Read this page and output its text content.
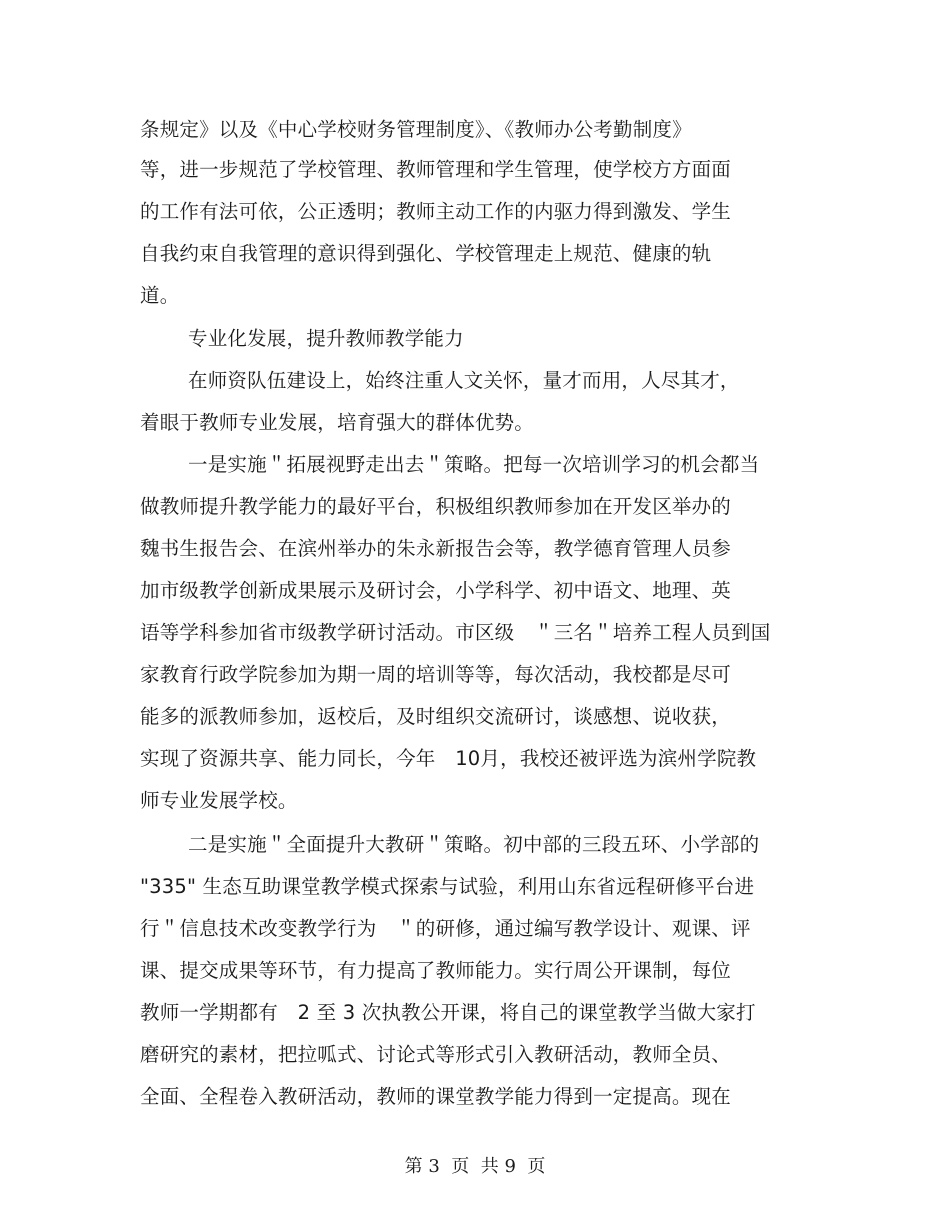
条规定》以及《中心学校财务管理制度》、《教师办公考勤制度》
等，进一步规范了学校管理、教师管理和学生管理，使学校方方面面
的工作有法可依，公正透明；教师主动工作的内驱力得到激发、学生
自我约束自我管理的意识得到强化、学校管理走上规范、健康的轨
道。
专业化发展，提升教师教学能力
在师资队伍建设上，始终注重人文关怀，量才而用，人尽其才，
着眼于教师专业发展，培育强大的群体优势。
一是实施＂拓展视野走出去＂策略。把每一次培训学习的机会都当
做教师提升教学能力的最好平台，积极组织教师参加在开发区举办的
魏书生报告会、在滨州举办的朱永新报告会等，教学德育管理人员参
加市级教学创新成果展示及研讨会，小学科学、初中语文、地理、英
语等学科参加省市级教学研讨活动。市区级　＂三名＂培养工程人员到国
家教育行政学院参加为期一周的培训等等，每次活动，我校都是尽可
能多的派教师参加，返校后，及时组织交流研讨，谈感想、说收获，
实现了资源共享、能力同长，今年　10月，我校还被评选为滨州学院教
师专业发展学校。
二是实施＂全面提升大教研＂策略。初中部的三段五环、小学部的
"335" 生态互助课堂教学模式探索与试验，利用山东省远程研修平台进
行＂信息技术改变教学行为　＂的研修，通过编写教学设计、观课、评
课、提交成果等环节，有力提高了教师能力。实行周公开课制，每位
教师一学期都有　2 至 3 次执教公开课，将自己的课堂教学当做大家打
磨研究的素材，把拉呱式、讨论式等形式引入教研活动，教师全员、
全面、全程卷入教研活动，教师的课堂教学能力得到一定提高。现在
第 3  页  共 9  页
